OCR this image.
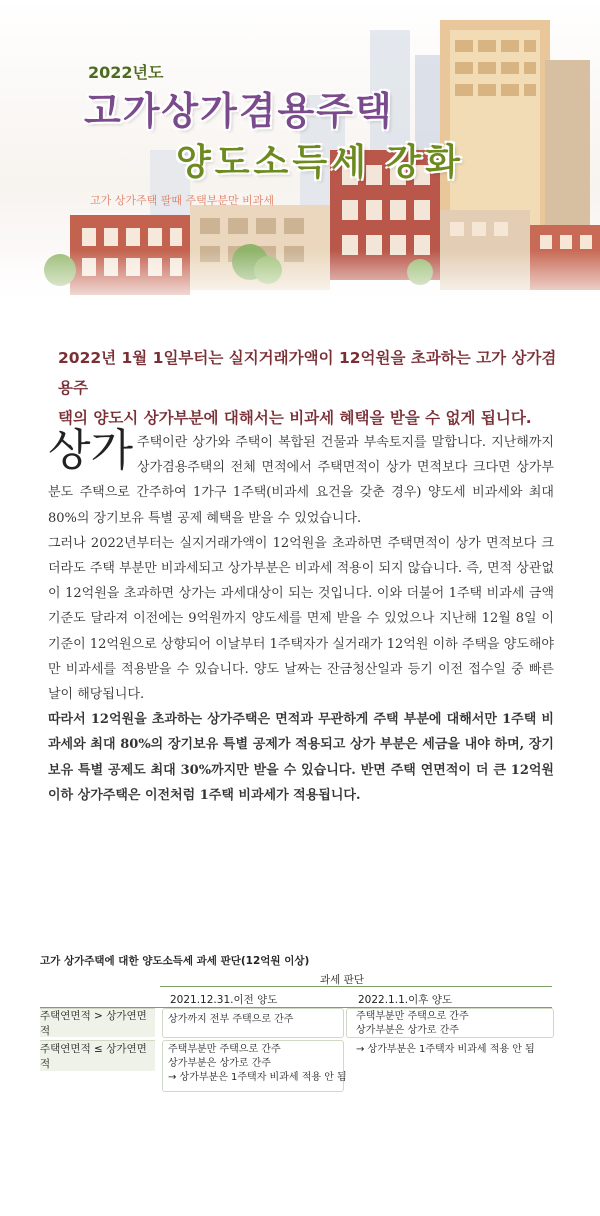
2022년도
고가상가겸용주택
양도소득세 강화
고가 상가주택 팔때 주택부분만 비과세

2022년 1월 1일부터는 실지거래가액이 12억원을 초과하는 고가 상가겸용주

택의 양도시 상가부분에 대해서는 비과세 혜택을 받을 수 없게 됩니다.

상가 주택이란 상가와 주택이 복합된 건물과 부속토지를 말합니다. 지난해까지 상가겸용주택의 전체 면적에서 주택면적이 상가 면적보다 크다면 상가부분도 주택으로 간주하여 1가구 1주택(비과세 요건을 갖춘 경우) 양도세 비과세와 최대 80%의 장기보유 특별 공제 혜택을 받을 수 있었습니다.

그러나 2022년부터는 실지거래가액이 12억원을 초과하면 주택면적이 상가 면적보다 크더라도 주택 부분만 비과세되고 상가부분은 비과세 적용이 되지 않습니다. 즉, 면적 상관없이 12억원을 초과하면 상가는 과세대상이 되는 것입니다. 이와 더불어 1주택 비과세 금액 기준도 달라져 이전에는 9억원까지 양도세를 면제 받을 수 있었으나 지난해 12월 8일 이 기준이 12억원으로 상향되어 이날부터 1주택자가 실거래가 12억원 이하 주택을 양도해야만 비과세를 적용받을 수 있습니다. 양도 날짜는 잔금청산일과 등기 이전 접수일 중 빠른 날이 해당됩니다.

따라서 12억원을 초과하는 상가주택은 면적과 무관하게 주택 부분에 대해서만 1주택 비과세와 최대 80%의 장기보유 특별 공제가 적용되고 상가 부분은 세금을 내야 하며, 장기보유 특별 공제도 최대 30%까지만 받을 수 있습니다. 반면 주택 연면적이 더 큰 12억원 이하 상가주택은 이전처럼 1주택 비과세가 적용됩니다.

고가 상가주택에 대한 양도소득세 과세 판단(12억원 이상)
과세 판단
2021.12.31.이전 양도	2022.1.1.이후 양도
주택연면적 > 상가연면적
상가까지 전부 주택으로 간주	주택부분만 주택으로 간주
상가부분은 상가로 간주
주택연면적 ≤ 상가연면적
주택부분만 주택으로 간주
상가부분은 상가로 간주
→ 상가부분은 1주택자 비과세 적용 안 됨
→ 상가부분은 1주택자 비과세 적용 안 됨
